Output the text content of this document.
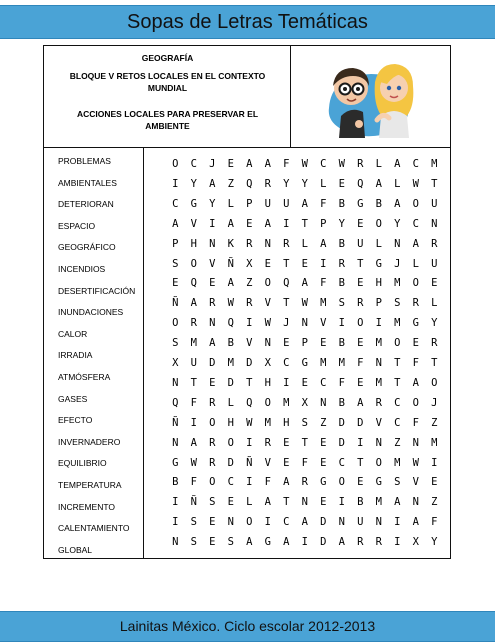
Sopas de Letras Temáticas
GEOGRAFÍA
BLOQUE V RETOS LOCALES EN EL CONTEXTO
MUNDIAL
ACCIONES LOCALES PARA PRESERVAR EL
AMBIENTE
PROBLEMAS
AMBIENTALES
DETERIORAN
ESPACIO
GEOGRÁFICO
INCENDIOS
DESERTIFICACIÓN
INUNDACIONES
CALOR
IRRADIA
ATMÓSFERA
GASES
EFECTO
INVERNADERO
EQUILIBRIO
TEMPERATURA
INCREMENTO
CALENTAMIENTO
GLOBAL
O	C	J	E	A	A	F	W	C	W	R	L	A	C	M
I	Y	A	Z	Q	R	Y	Y	L	E	Q	A	L	W	T
C	G	Y	L	P	U	U	A	F	B	G	B	A	O	U
A	V	I	A	E	A	I	T	P	Y	E	O	Y	C	N
P	H	N	K	R	N	R	L	A	B	U	L	N	A	R
S	O	V	Ñ	X	E	T	E	I	R	T	G	J	L	U
E	Q	E	A	Z	O	Q	A	F	B	E	H	M	O	E
Ñ	A	R	W	R	V	T	W	M	S	R	P	S	R	L
O	R	N	Q	I	W	J	N	V	I	O	I	M	G	Y
S	M	A	B	V	N	E	P	E	B	E	M	O	E	R
X	U	D	M	D	X	C	G	M	M	F	N	T	F	T
N	T	E	D	T	H	I	E	C	F	E	M	T	A	O
Q	F	R	L	Q	O	M	X	N	B	A	R	C	O	J
Ñ	I	O	H	W	M	H	S	Z	D	D	V	C	F	Z
N	A	R	O	I	R	E	T	E	D	I	N	Z	N	M
G	W	R	D	Ñ	V	E	F	E	C	T	O	M	W	I
B	F	O	C	I	F	A	R	G	O	E	G	S	V	E
I	Ñ	S	E	L	A	T	N	E	I	B	M	A	N	Z
I	S	E	N	O	I	C	A	D	N	U	N	I	A	F
N	S	E	S	A	G	A	I	D	A	R	R	I	X	Y
Lainitas México. Ciclo escolar 2012-2013
